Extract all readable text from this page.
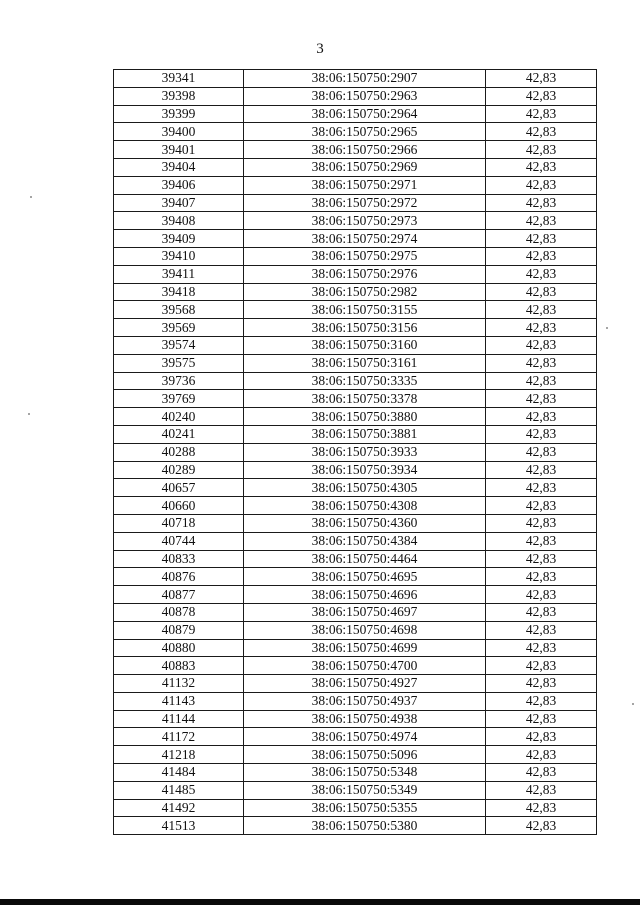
3
39341	38:06:150750:2907	42,83
39398	38:06:150750:2963	42,83
39399	38:06:150750:2964	42,83
39400	38:06:150750:2965	42,83
39401	38:06:150750:2966	42,83
39404	38:06:150750:2969	42,83
39406	38:06:150750:2971	42,83
39407	38:06:150750:2972	42,83
39408	38:06:150750:2973	42,83
39409	38:06:150750:2974	42,83
39410	38:06:150750:2975	42,83
39411	38:06:150750:2976	42,83
39418	38:06:150750:2982	42,83
39568	38:06:150750:3155	42,83
39569	38:06:150750:3156	42,83
39574	38:06:150750:3160	42,83
39575	38:06:150750:3161	42,83
39736	38:06:150750:3335	42,83
39769	38:06:150750:3378	42,83
40240	38:06:150750:3880	42,83
40241	38:06:150750:3881	42,83
40288	38:06:150750:3933	42,83
40289	38:06:150750:3934	42,83
40657	38:06:150750:4305	42,83
40660	38:06:150750:4308	42,83
40718	38:06:150750:4360	42,83
40744	38:06:150750:4384	42,83
40833	38:06:150750:4464	42,83
40876	38:06:150750:4695	42,83
40877	38:06:150750:4696	42,83
40878	38:06:150750:4697	42,83
40879	38:06:150750:4698	42,83
40880	38:06:150750:4699	42,83
40883	38:06:150750:4700	42,83
41132	38:06:150750:4927	42,83
41143	38:06:150750:4937	42,83
41144	38:06:150750:4938	42,83
41172	38:06:150750:4974	42,83
41218	38:06:150750:5096	42,83
41484	38:06:150750:5348	42,83
41485	38:06:150750:5349	42,83
41492	38:06:150750:5355	42,83
41513	38:06:150750:5380	42,83
